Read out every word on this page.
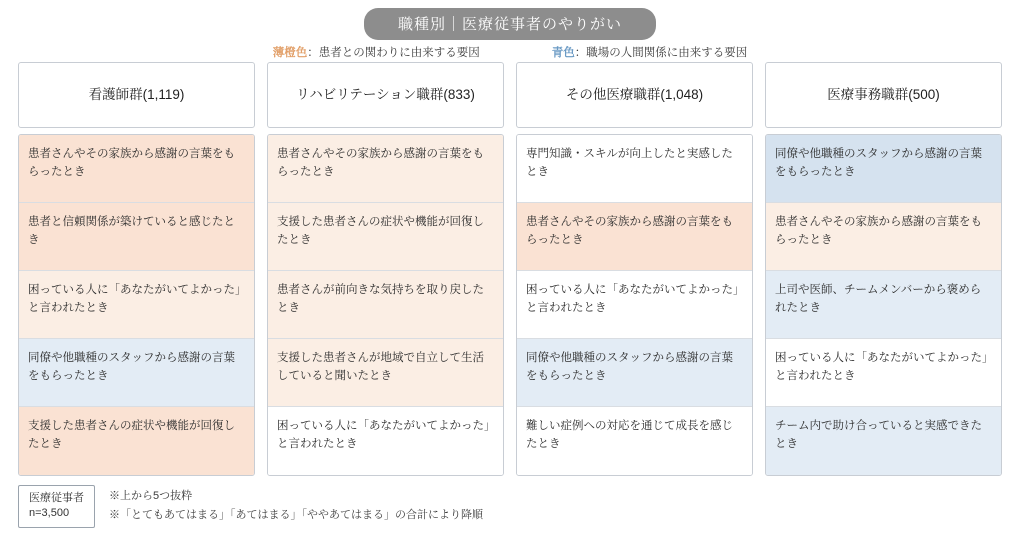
職種別｜医療従事者のやりがい
薄橙色：患者との関わりに由来する要因	青色：職場の人間関係に由来する要因
看護師群(1,119)
患者さんやその家族から感謝の言葉をもらったとき
患者と信頼関係が築けていると感じたとき
困っている人に「あなたがいてよかった」と言われたとき
同僚や他職種のスタッフから感謝の言葉をもらったとき
支援した患者さんの症状や機能が回復したとき
リハビリテーション職群(833)
患者さんやその家族から感謝の言葉をもらったとき
支援した患者さんの症状や機能が回復したとき
患者さんが前向きな気持ちを取り戻したとき
支援した患者さんが地域で自立して生活していると聞いたとき
困っている人に「あなたがいてよかった」と言われたとき
その他医療職群(1,048)
専門知識・スキルが向上したと実感したとき
患者さんやその家族から感謝の言葉をもらったとき
困っている人に「あなたがいてよかった」と言われたとき
同僚や他職種のスタッフから感謝の言葉をもらったとき
難しい症例への対応を通じて成長を感じたとき
医療事務職群(500)
同僚や他職種のスタッフから感謝の言葉をもらったとき
患者さんやその家族から感謝の言葉をもらったとき
上司や医師、チームメンバーから褒められたとき
困っている人に「あなたがいてよかった」と言われたとき
チーム内で助け合っていると実感できたとき
医療従事者
n=3,500
※上から5つ抜粋
※「とてもあてはまる」「あてはまる」「ややあてはまる」の合計により降順
